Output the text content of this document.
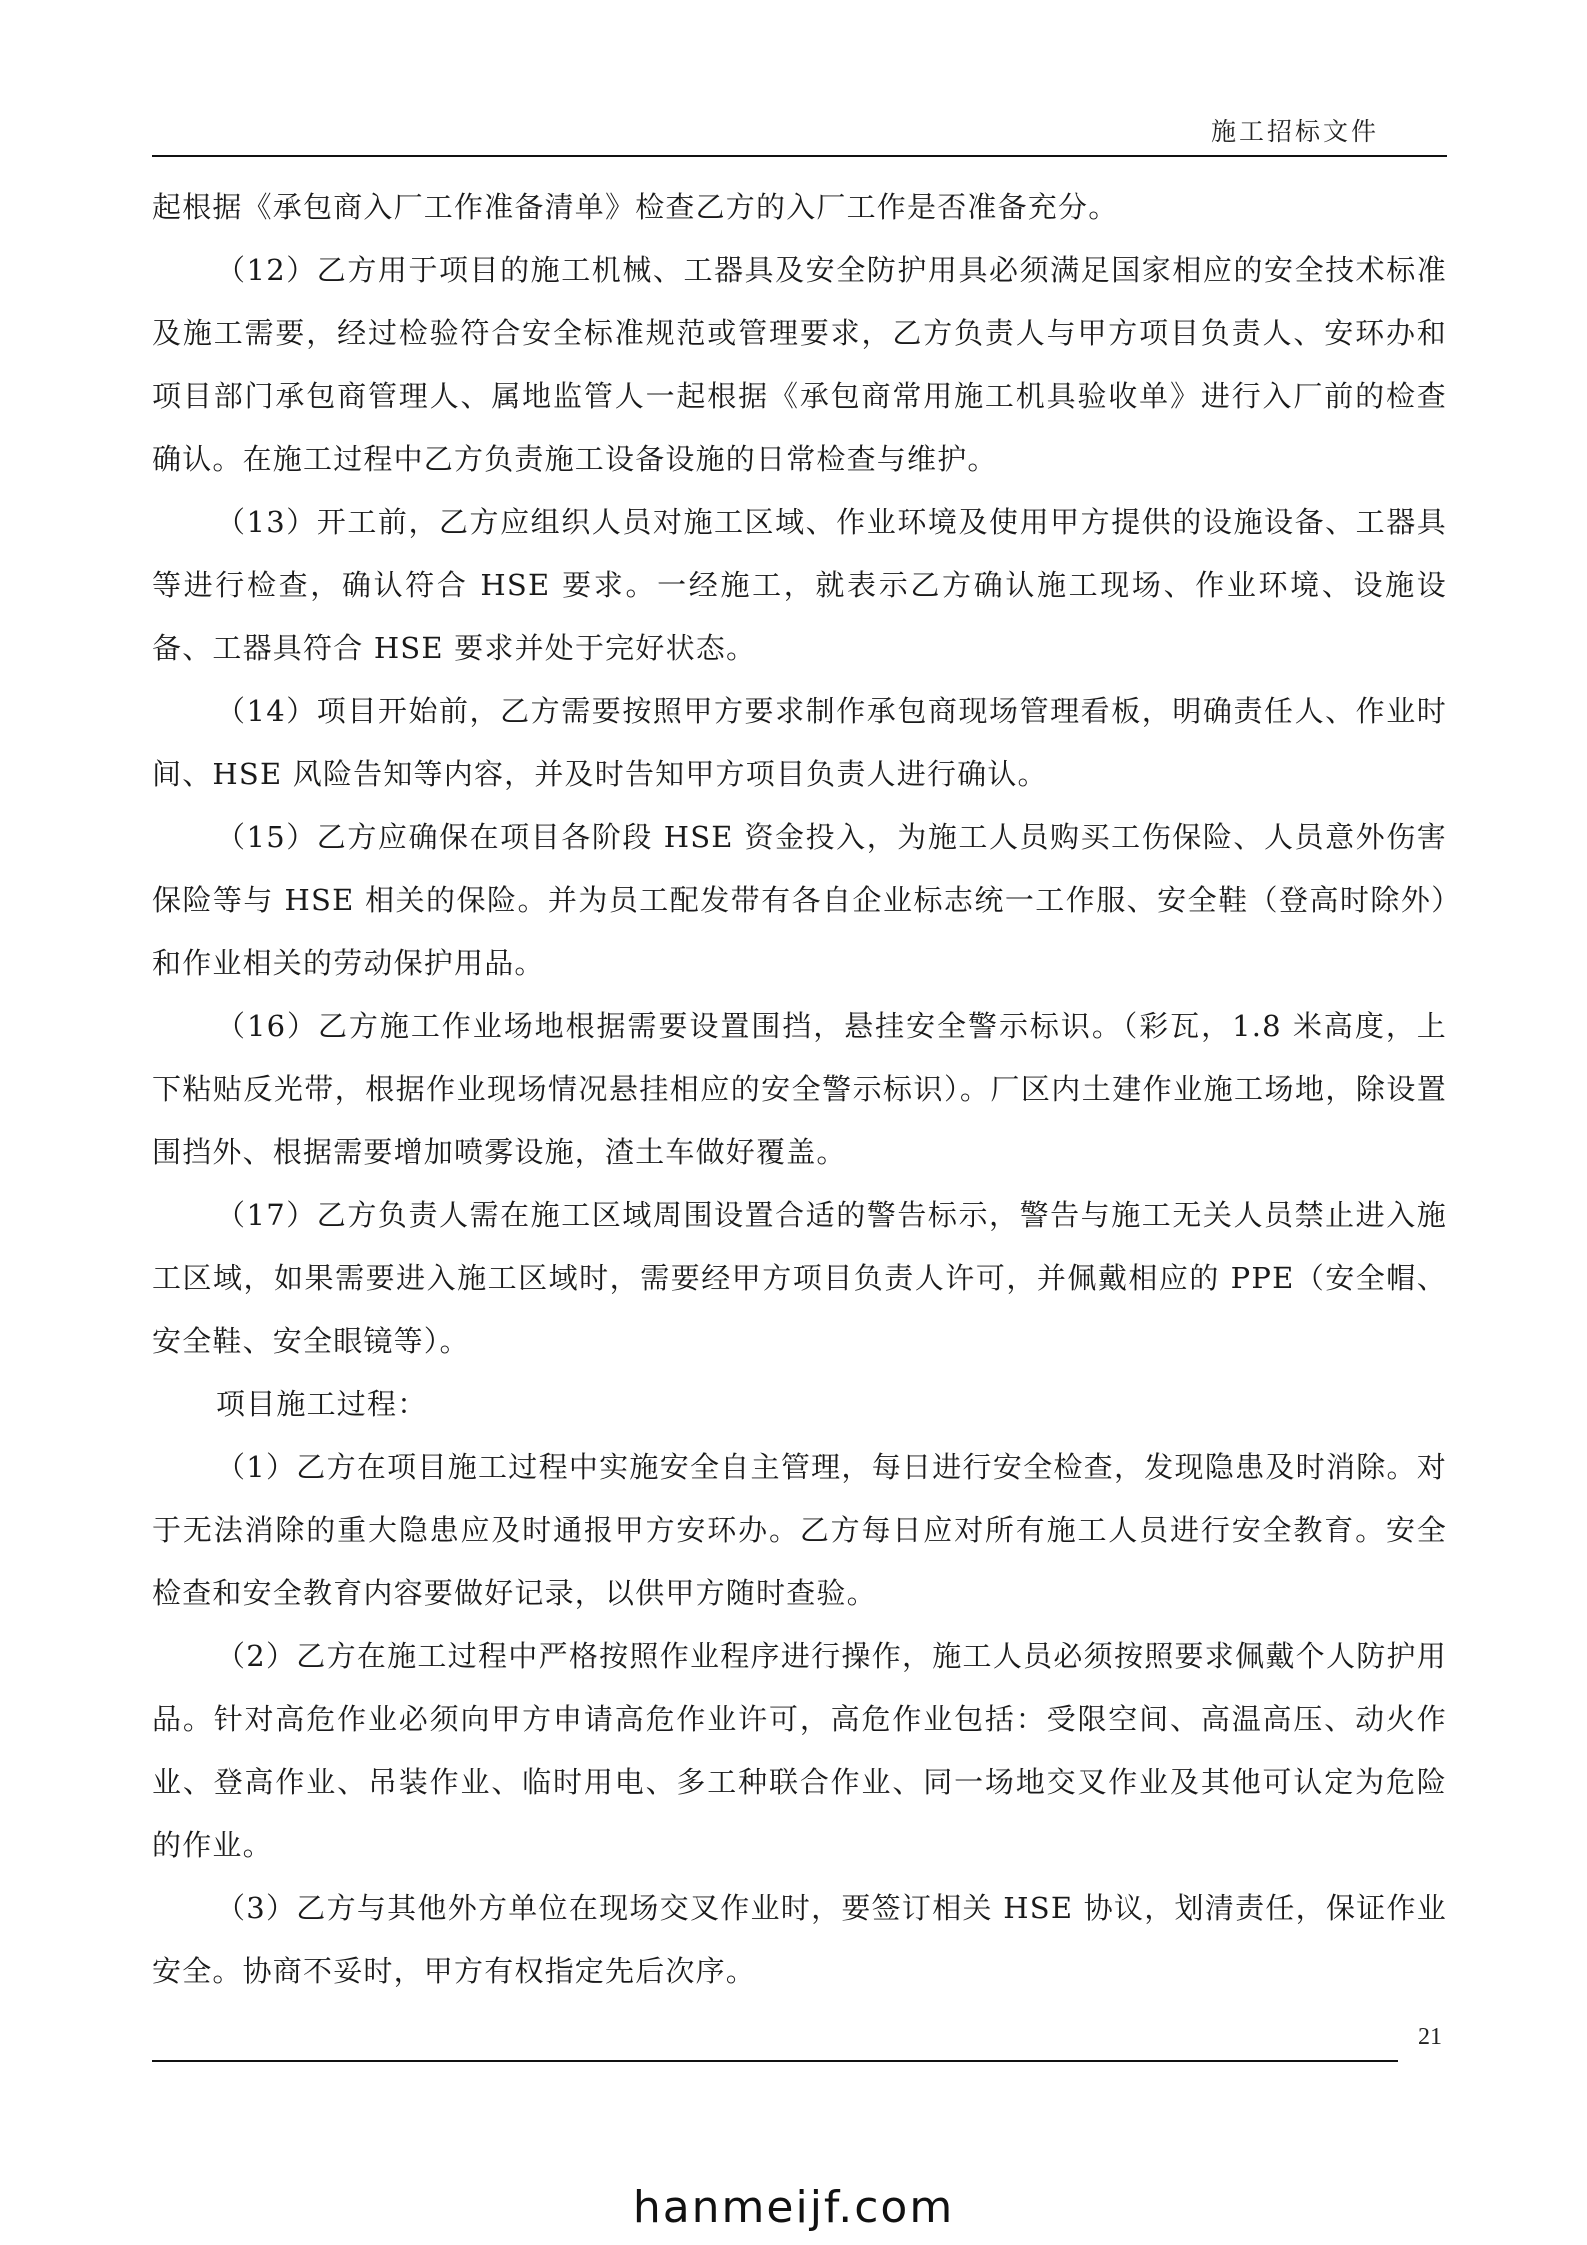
施工招标文件

起根据《承包商入厂工作准备清单》检查乙方的入厂工作是否准备充分。

（12）乙方用于项目的施工机械、工器具及安全防护用具必须满足国家相应的安全技术标准及施工需要，经过检验符合安全标准规范或管理要求，乙方负责人与甲方项目负责人、安环办和项目部门承包商管理人、属地监管人一起根据《承包商常用施工机具验收单》进行入厂前的检查确认。在施工过程中乙方负责施工设备设施的日常检查与维护。

（13）开工前，乙方应组织人员对施工区域、作业环境及使用甲方提供的设施设备、工器具等进行检查，确认符合 HSE 要求。一经施工，就表示乙方确认施工现场、作业环境、设施设备、工器具符合 HSE 要求并处于完好状态。

（14）项目开始前，乙方需要按照甲方要求制作承包商现场管理看板，明确责任人、作业时间、HSE 风险告知等内容，并及时告知甲方项目负责人进行确认。

（15）乙方应确保在项目各阶段 HSE 资金投入，为施工人员购买工伤保险、人员意外伤害保险等与 HSE 相关的保险。并为员工配发带有各自企业标志统一工作服、安全鞋（登高时除外）和作业相关的劳动保护用品。

（16）乙方施工作业场地根据需要设置围挡，悬挂安全警示标识。（彩瓦，1.8 米高度，上下粘贴反光带，根据作业现场情况悬挂相应的安全警示标识）。厂区内土建作业施工场地，除设置围挡外、根据需要增加喷雾设施，渣土车做好覆盖。

（17）乙方负责人需在施工区域周围设置合适的警告标示，警告与施工无关人员禁止进入施工区域，如果需要进入施工区域时，需要经甲方项目负责人许可，并佩戴相应的 PPE（安全帽、安全鞋、安全眼镜等）。

项目施工过程：

（1）乙方在项目施工过程中实施安全自主管理，每日进行安全检查，发现隐患及时消除。对于无法消除的重大隐患应及时通报甲方安环办。乙方每日应对所有施工人员进行安全教育。安全检查和安全教育内容要做好记录，以供甲方随时查验。

（2）乙方在施工过程中严格按照作业程序进行操作，施工人员必须按照要求佩戴个人防护用品。针对高危作业必须向甲方申请高危作业许可，高危作业包括：受限空间、高温高压、动火作业、登高作业、吊装作业、临时用电、多工种联合作业、同一场地交叉作业及其他可认定为危险的作业。

（3）乙方与其他外方单位在现场交叉作业时，要签订相关 HSE 协议，划清责任，保证作业安全。协商不妥时，甲方有权指定先后次序。

21
hanmeijf.com
